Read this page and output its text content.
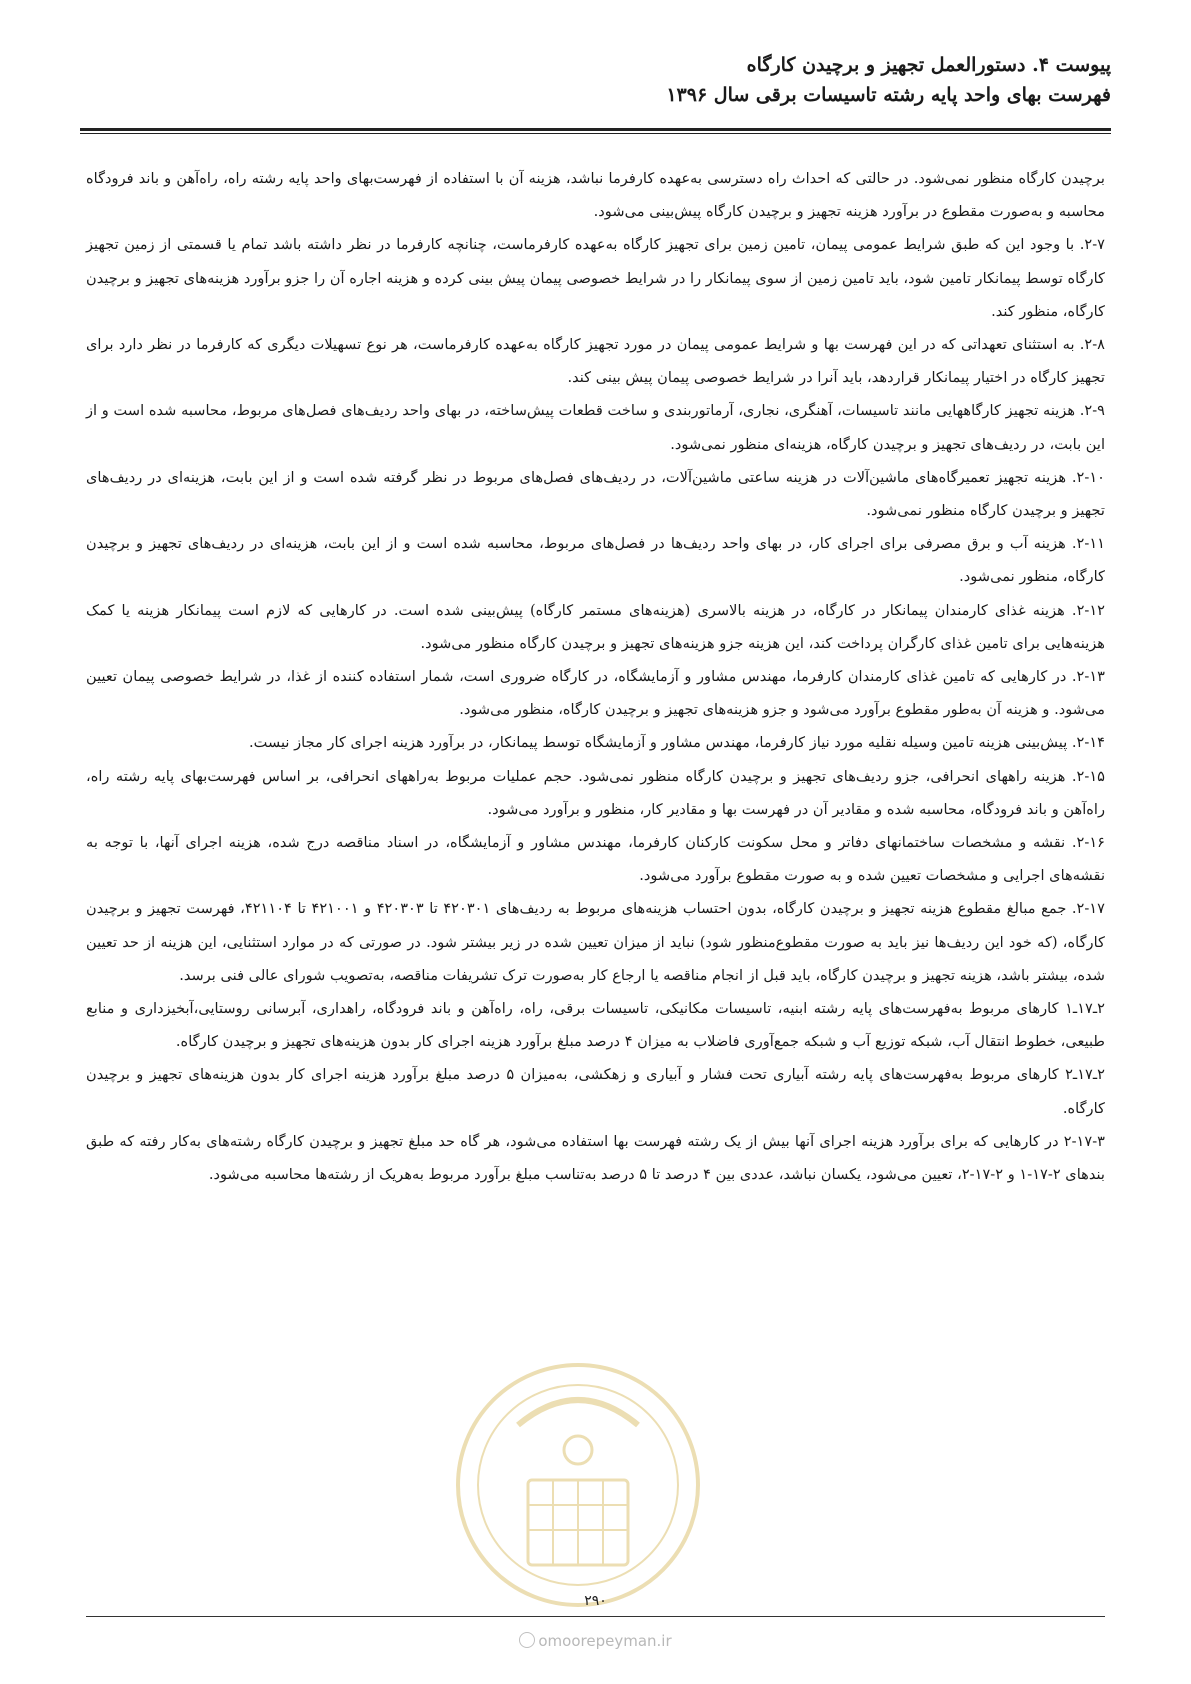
پیوست ۴. دستورالعمل تجهیز و برچیدن کارگاه
فهرست بهای واحد پایه رشته تاسیسات برقی سال ۱۳۹۶

برچیدن کارگاه منظور نمی‌شود. در حالتی که احداث راه دسترسی به‌عهده کارفرما نباشد، هزینه آن با استفاده از فهرست‌بهای واحد پایه رشته راه، راه‌آهن و باند فرودگاه محاسبه و به‌صورت مقطوع در برآورد هزینه تجهیز و برچیدن کارگاه پیش‌بینی می‌شود.

۲-۷. با وجود این که طبق شرایط عمومی پیمان، تامین زمین برای تجهیز کارگاه به‌عهده کارفرماست، چنانچه کارفرما در نظر داشته باشد تمام یا قسمتی از زمین تجهیز کارگاه توسط پیمانکار تامین شود، باید تامین زمین از سوی پیمانکار را در شرایط خصوصی پیمان پیش بینی کرده و هزینه اجاره آن را جزو برآورد هزینه‌های تجهیز و برچیدن کارگاه، منظور کند.

۲-۸. به استثنای تعهداتی که در این فهرست بها و شرایط عمومی پیمان در مورد تجهیز کارگاه به‌عهده کارفرماست، هر نوع تسهیلات دیگری که کارفرما در نظر دارد برای تجهیز کارگاه در اختیار پیمانکار قراردهد، باید آنرا در شرایط خصوصی پیمان پیش بینی کند.

۲-۹. هزینه تجهیز کارگاههایی مانند تاسیسات، آهنگری، نجاری، آرماتوربندی و ساخت قطعات پیش‌ساخته، در بهای واحد ردیف‌های فصل‌های مربوط، محاسبه شده است و از این بابت، در ردیف‌های تجهیز و برچیدن کارگاه، هزینه‌ای منظور نمی‌شود.

۲-۱۰. هزینه تجهیز تعمیرگاه‌های ماشین‌آلات در هزینه ساعتی ماشین‌آلات، در ردیف‌های فصل‌های مربوط در نظر گرفته شده است و از این بابت، هزینه‌ای در ردیف‌های تجهیز و برچیدن کارگاه منظور نمی‌شود.

۲-۱۱. هزینه آب و برق مصرفی برای اجرای کار، در بهای واحد ردیف‌ها در فصل‌های مربوط، محاسبه شده است و از این بابت، هزینه‌ای در ردیف‌های تجهیز و برچیدن کارگاه، منظور نمی‌شود.

۲-۱۲. هزینه غذای کارمندان پیمانکار در کارگاه، در هزینه بالاسری (هزینه‌های مستمر کارگاه) پیش‌بینی شده است. در کارهایی که لازم است پیمانکار هزینه یا کمک هزینه‌هایی برای تامین غذای کارگران پرداخت کند، این هزینه جزو هزینه‌های تجهیز و برچیدن کارگاه منظور می‌شود.

۲-۱۳. در کارهایی که تامین غذای کارمندان کارفرما، مهندس مشاور و آزمایشگاه، در کارگاه ضروری است، شمار استفاده کننده از غذا، در شرایط خصوصی پیمان تعیین می‌شود. و هزینه آن به‌طور مقطوع برآورد می‌شود و جزو هزینه‌های تجهیز و برچیدن کارگاه، منظور می‌شود.

۲-۱۴. پیش‌بینی هزینه تامین وسیله نقلیه مورد نیاز کارفرما، مهندس مشاور و آزمایشگاه توسط پیمانکار، در برآورد هزینه اجرای کار مجاز نیست.

۲-۱۵. هزینه راههای انحرافی، جزو ردیف‌های تجهیز و برچیدن کارگاه منظور نمی‌شود. حجم عملیات مربوط به‌راههای انحرافی، بر اساس فهرست‌بهای پایه رشته راه، راه‌آهن و باند فرودگاه، محاسبه شده و مقادیر آن در فهرست بها و مقادیر کار، منظور و برآورد می‌شود.

۲-۱۶. نقشه و مشخصات ساختمانهای دفاتر و محل سکونت کارکنان کارفرما، مهندس مشاور و آزمایشگاه، در اسناد مناقصه درج شده، هزینه اجرای آنها، با توجه به نقشه‌های اجرایی و مشخصات تعیین شده و به صورت مقطوع برآورد می‌شود.

۲-۱۷. جمع مبالغ مقطوع هزینه تجهیز و برچیدن کارگاه، بدون احتساب هزینه‌های مربوط به ردیف‌های ۴۲۰۳۰۱ تا ۴۲۰۳۰۳ و ۴۲۱۰۰۱ تا ۴۲۱۱۰۴، فهرست تجهیز و برچیدن کارگاه، (که خود این ردیف‌ها نیز باید به صورت مقطوع‌منظور شود) نباید از میزان تعیین شده در زیر بیشتر شود. در صورتی که در موارد استثنایی، این هزینه از حد تعیین شده، بیشتر باشد، هزینه تجهیز و برچیدن کارگاه، باید قبل از انجام مناقصه یا ارجاع کار به‌صورت ترک تشریفات مناقصه، به‌تصویب شورای عالی فنی برسد.

۲ـ۱۷ـ۱ کارهای مربوط به‌فهرست‌های پایه رشته ابنیه، تاسیسات مکانیکی، تاسیسات برقی، راه، راه‌آهن و باند فرودگاه، راهداری، آبرسانی روستایی،آبخیزداری و منابع طبیعی، خطوط انتقال آب، شبکه توزیع آب و شبکه جمع‌آوری فاضلاب به میزان ۴ درصد مبلغ برآورد هزینه اجرای کار بدون هزینه‌های تجهیز و برچیدن کارگاه.

۲ـ۱۷ـ۲ کارهای مربوط به‌فهرست‌های پایه رشته آبیاری تحت فشار و آبیاری و زهکشی، به‌میزان ۵ درصد مبلغ برآورد هزینه اجرای کار بدون هزینه‌های تجهیز و برچیدن کارگاه.

۲-۱۷-۳ در کارهایی که برای برآورد هزینه اجرای آنها بیش از یک رشته فهرست بها استفاده می‌شود، هر گاه حد مبلغ تجهیز و برچیدن کارگاه رشته‌های به‌کار رفته که طبق بندهای ۲-۱۷-۱ و ۲-۱۷-۲، تعیین می‌شود، یکسان نباشد، عددی بین ۴ درصد تا ۵ درصد به‌تناسب مبلغ برآورد مربوط به‌هریک از رشته‌ها محاسبه می‌شود.

۲۹۰
omoorepeyman.ir
